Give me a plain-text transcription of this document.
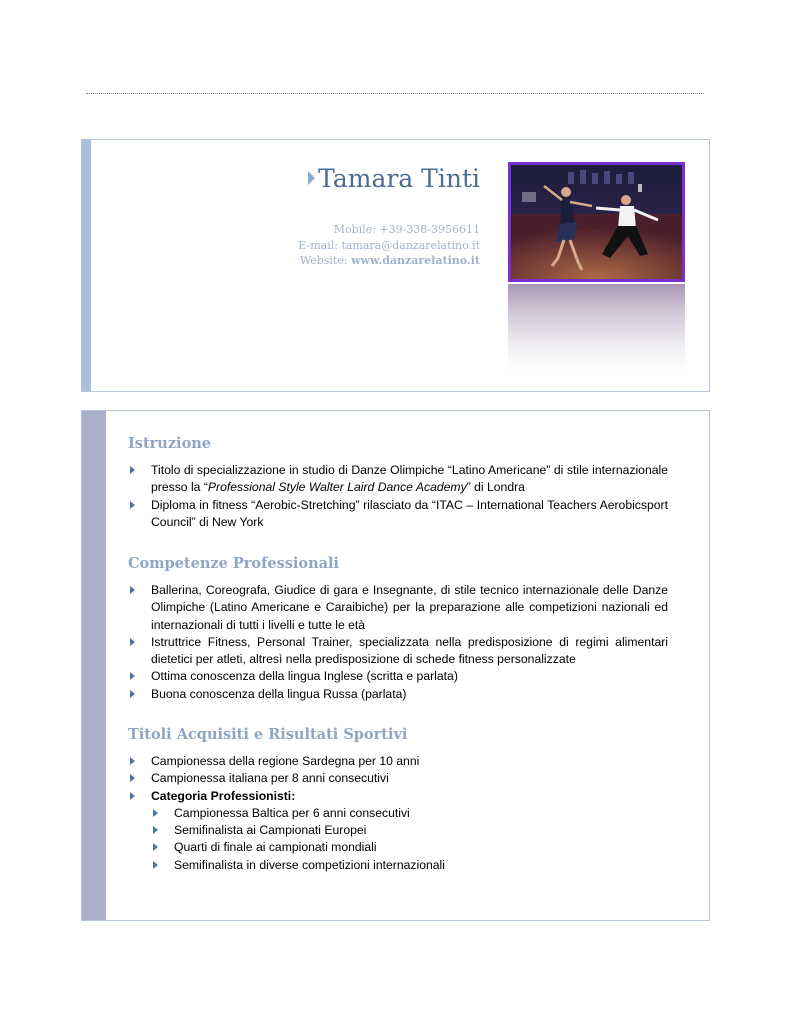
Tamara Tinti
Mobile: +39-338-3956611
E-mail: tamara@danzarelatino.it
Website: www.danzarelatino.it
Istruzione
Titolo di specializzazione in studio di Danze Olimpiche “Latino Americane” di stile internazionale presso la “Professional Style Walter Laird Dance Academy” di Londra
Diploma in fitness “Aerobic-Stretching” rilasciato da “ITAC – International Teachers Aerobicsport Council” di New York
Competenze Professionali
Ballerina, Coreografa, Giudice di gara e Insegnante, di stile tecnico internazionale delle Danze Olimpiche (Latino Americane e Caraibiche) per la preparazione alle competizioni nazionali ed internazionali di tutti i livelli e tutte le età
Istruttrice Fitness, Personal Trainer, specializzata nella predisposizione di regimi alimentari dietetici per atleti, altresì nella predisposizione di schede fitness personalizzate
Ottima conoscenza della lingua Inglese (scritta e parlata)
Buona conoscenza della lingua Russa (parlata)
Titoli Acquisiti e Risultati Sportivi
Campionessa della regione Sardegna per 10 anni
Campionessa italiana per 8 anni consecutivi
Categoria Professionisti:
Campionessa Baltica per 6 anni consecutivi
Semifinalista ai Campionati Europei
Quarti di finale ai campionati mondiali
Semifinalista in diverse competizioni internazionali
